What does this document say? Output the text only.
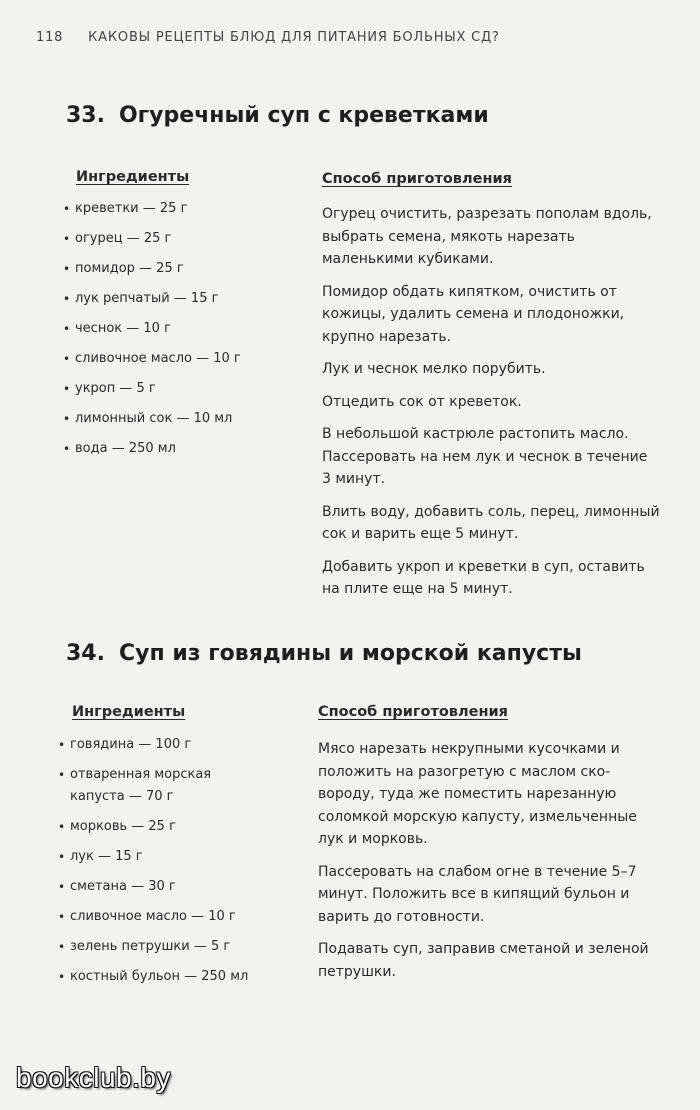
118 КАКОВЫ РЕЦЕПТЫ БЛЮД ДЛЯ ПИТАНИЯ БОЛЬНЫХ СД?
33. Огуречный суп с креветками
Ингредиенты	Способ приготовления
• креветки — 25 г
• огурец — 25 г
• помидор — 25 г
• лук репчатый — 15 г
• чеснок — 10 г
• сливочное масло — 10 г
• укроп — 5 г
• лимонный сок — 10 мл
• вода — 250 мл

Огурец очистить, разрезать пополам вдоль, выбрать семена, мякоть нарезать маленькими кубиками.

Помидор обдать кипятком, очистить от кожицы, удалить семена и плодоножки, крупно нарезать.

Лук и чеснок мелко порубить.

Отцедить сок от креветок.

В небольшой кастрюле растопить масло. Пассеровать на нем лук и чеснок в течение 3 минут.

Влить воду, добавить соль, перец, лимонный сок и варить еще 5 минут.

Добавить укроп и креветки в суп, оставить на плите еще на 5 минут.

34. Суп из говядины и морской капусты
Ингредиенты	Способ приготовления
• говядина — 100 г
• отваренная морская капуста — 70 г
• морковь — 25 г
• лук — 15 г
• сметана — 30 г
• сливочное масло — 10 г
• зелень петрушки — 5 г
• костный бульон — 250 мл

Мясо нарезать некрупными кусочками и положить на разогретую с маслом сковороду, туда же поместить нарезанную соломкой морскую капусту, измельченные лук и морковь.

Пассеровать на слабом огне в течение 5–7 минут. Положить все в кипящий бульон и варить до готовности.

Подавать суп, заправив сметаной и зеленой петрушки.

bookclub.by
